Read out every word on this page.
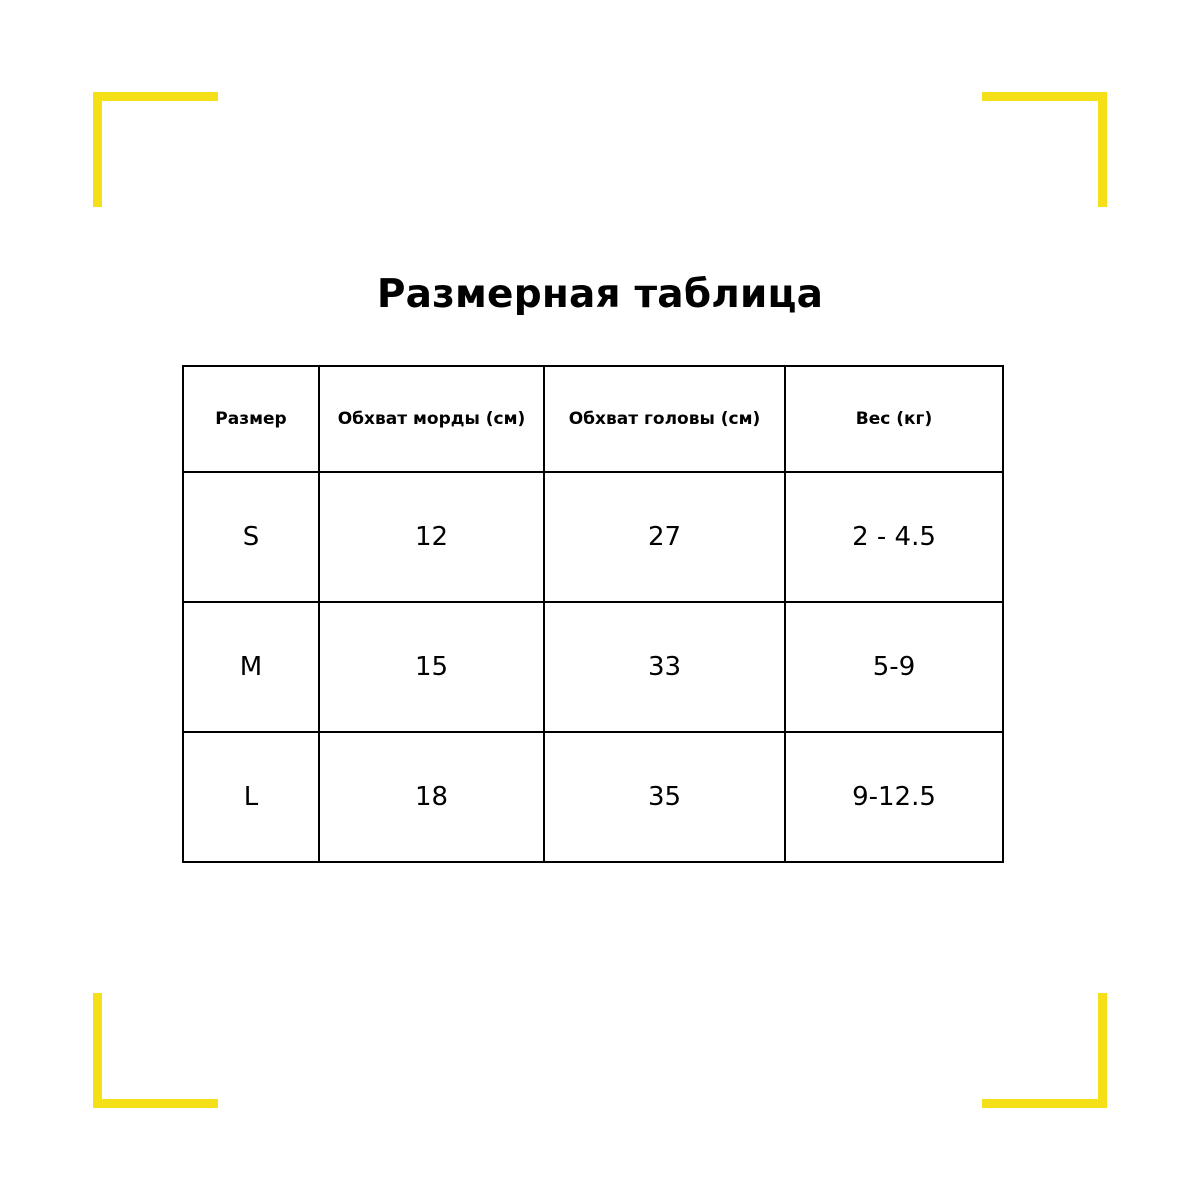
Размерная таблица
Размер	Обхват морды (см)	Обхват головы (см)	Вес (кг)
S	12	27	2 - 4.5
M	15	33	5-9
L	18	35	9-12.5
